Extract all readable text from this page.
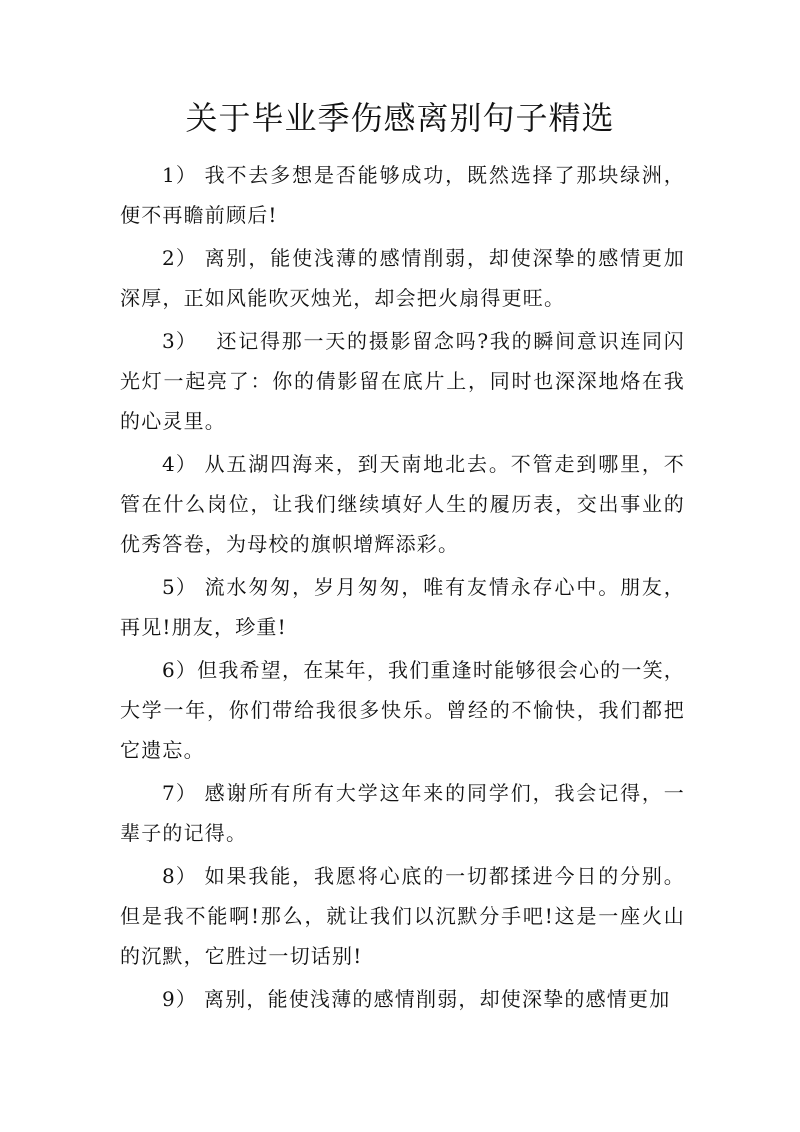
关于毕业季伤感离别句子精选

1） 我不去多想是否能够成功，既然选择了那块绿洲，便不再瞻前顾后!

2） 离别，能使浅薄的感情削弱，却使深挚的感情更加深厚，正如风能吹灭烛光，却会把火扇得更旺。

3） 还记得那一天的摄影留念吗?我的瞬间意识连同闪光灯一起亮了：你的倩影留在底片上，同时也深深地烙在我的心灵里。

4） 从五湖四海来，到天南地北去。不管走到哪里，不管在什么岗位，让我们继续填好人生的履历表，交出事业的优秀答卷，为母校的旗帜增辉添彩。

5） 流水匆匆，岁月匆匆，唯有友情永存心中。朋友，再见!朋友，珍重!

6）但我希望，在某年，我们重逢时能够很会心的一笑，大学一年，你们带给我很多快乐。曾经的不愉快，我们都把它遗忘。

7） 感谢所有所有大学这年来的同学们，我会记得，一辈子的记得。

8） 如果我能，我愿将心底的一切都揉进今日的分别。但是我不能啊!那么，就让我们以沉默分手吧!这是一座火山的沉默，它胜过一切话别!

9） 离别，能使浅薄的感情削弱，却使深挚的感情更加
